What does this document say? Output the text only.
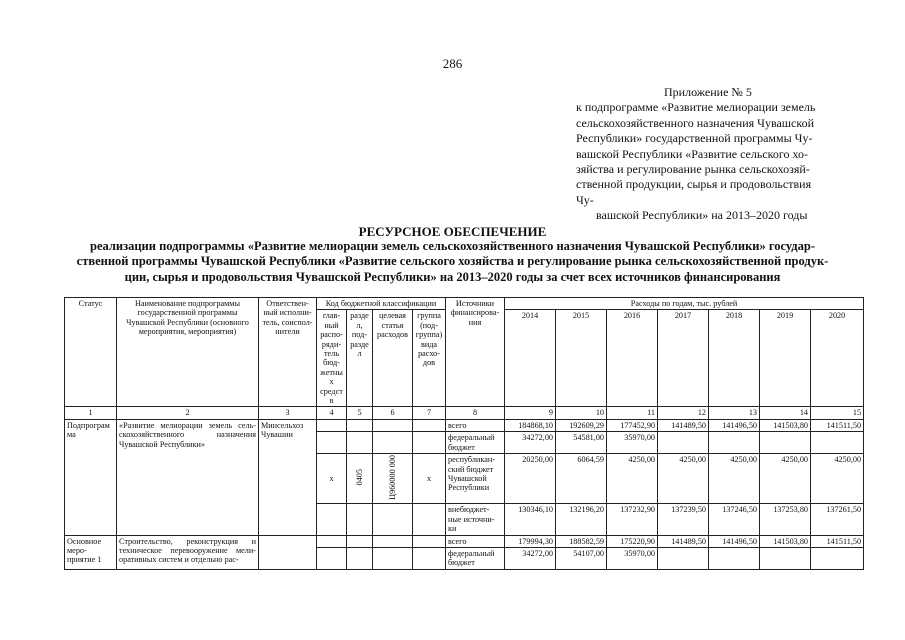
286
Приложение № 5
к подпрограмме «Развитие мелиорации земель
сельскохозяйственного назначения Чувашской
Республики» государственной программы Чу-
вашской Республики «Развитие сельского хо-
зяйства и регулирование рынка сельскохозяй-
ственной продукции, сырья и продовольствия
Чу-
вашской Республики» на 2013–2020 годы
РЕСУРСНОЕ ОБЕСПЕЧЕНИЕ
реализации подпрограммы «Развитие мелиорации земель сельскохозяйственного назначения Чувашской Республики» государ-
ственной программы Чувашской Республики «Развитие сельского хозяйства и регулирование рынка сельскохозяйственной продук-
ции, сырья и продовольствия Чувашской Республики» на 2013–2020 годы за счет всех источников финансирования
Статус	Наименование подпрограммы государственной программы Чувашской Республики (основного мероприятия, мероприятия)	Ответствен-ный исполни-тель, соиспол-нители	Код бюджетной классификации				Источники финансирова-ния	Расходы по годам, тыс. рублей						
			глав-ный распо-ряди-тель бюд-жетных средств	раздел, под-раздел	целевая статья расходов	группа (под-группа) вида расхо-дов		2014	2015	2016	2017	2018	2019	2020
1	2	3	4	5	6	7	8	9	10	11	12	13	14	15
Подпрограмма	«Развитие мелиорации земель сель-скохозяйственного назначения Чувашской Республики»	Минсельхоз Чувашии					всего	184868,10	192609,29	177452,90	141489,50	141496,50	141503,80	141511,50
							федеральный бюджет	34272,00	54581,00	35970,00				
			x	0405	Ц960000 000	x	республикан-ский бюджет Чувашской Республики	20250,00	6064,59	4250,00	4250,00	4250,00	4250,00	4250,00
							внебюджет-ные источни-ки	130346,10	132196,20	137232,90	137239,50	137246,50	137253,80	137261,50
Основное меро-приятие 1	Строительство, реконструкция и техническое перевооружение мели-оративных систем и отдельно рас-						всего	179994,30	188582,59	175220,90	141489,50	141496,50	141503,80	141511,50
							федеральный бюджет	34272,00	54107,00	35970,00				
